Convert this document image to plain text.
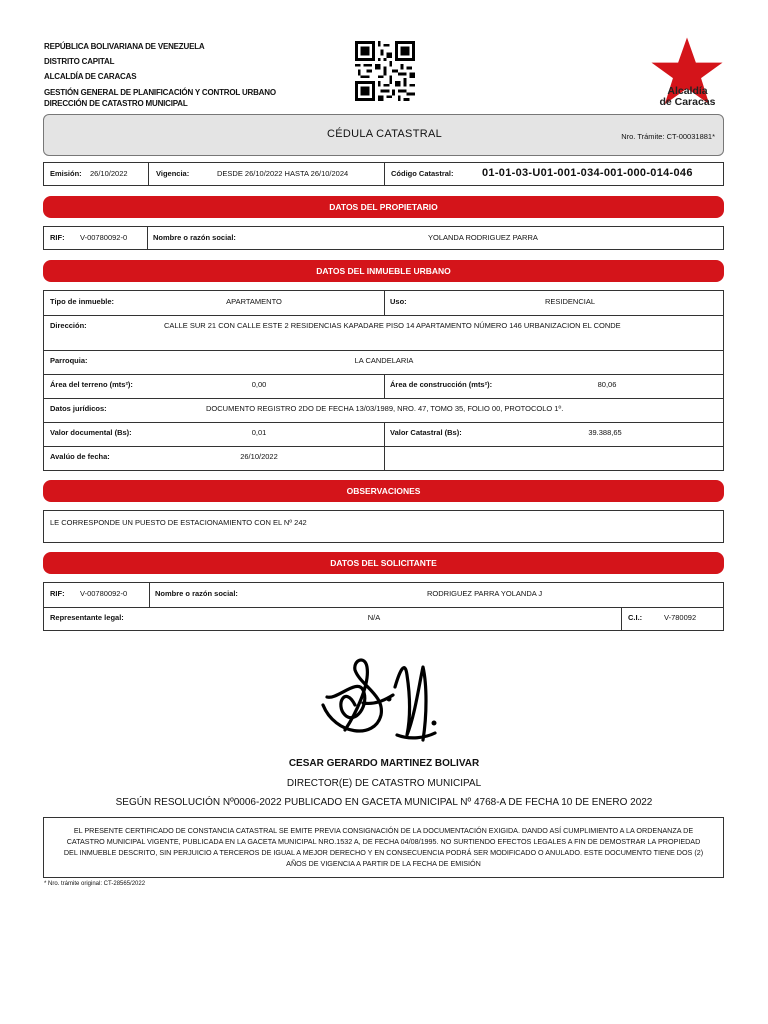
REPÚBLICA BOLIVARIANA DE VENEZUELA
DISTRITO CAPITAL
ALCALDÍA DE CARACAS
GESTIÓN GENERAL DE PLANIFICACIÓN Y CONTROL URBANO
DIRECCIÓN DE CATASTRO MUNICIPAL
Alcaldía
de Caracas
CÉDULA CATASTRAL	Nro. Trámite: CT-00031881*
Emisión: 26/10/2022	Vigencia:	DESDE 26/10/2022 HASTA 26/10/2024	Código Catastral:	01-01-03-U01-001-034-001-000-014-046
DATOS DEL PROPIETARIO
RIF: V-00780092-0	Nombre o razón social:	YOLANDA RODRIGUEZ PARRA
DATOS DEL INMUEBLE URBANO
Tipo de inmueble:	APARTAMENTO	Uso:	RESIDENCIAL
Dirección:	CALLE SUR 21 CON CALLE ESTE 2 RESIDENCIAS KAPADARE PISO 14 APARTAMENTO NÚMERO 146 URBANIZACION EL CONDE
Parroquia:	LA CANDELARIA
Área del terreno (mts²):	0,00	Área de construcción (mts²):	80,06
Datos jurídicos:	DOCUMENTO REGISTRO 2DO DE FECHA 13/03/1989, NRO. 47, TOMO 35, FOLIO 00, PROTOCOLO 1º.
Valor documental (Bs):	0,01	Valor Catastral (Bs):	39.388,65
Avalúo de fecha:	26/10/2022
OBSERVACIONES
LE CORRESPONDE UN PUESTO DE ESTACIONAMIENTO CON EL Nº 242
DATOS DEL SOLICITANTE
RIF: V-00780092-0	Nombre o razón social:	RODRIGUEZ PARRA YOLANDA J
Representante legal:	N/A	C.I.:	V-780092
CESAR GERARDO MARTINEZ BOLIVAR
DIRECTOR(E) DE CATASTRO MUNICIPAL
SEGÚN RESOLUCIÓN Nº0006-2022 PUBLICADO EN GACETA MUNICIPAL Nº 4768-A DE FECHA 10 DE ENERO 2022
EL PRESENTE CERTIFICADO DE CONSTANCIA CATASTRAL SE EMITE PREVIA CONSIGNACIÓN DE LA DOCUMENTACIÓN EXIGIDA. DANDO ASÍ CUMPLIMIENTO A LA ORDENANZA DE CATASTRO MUNICIPAL VIGENTE, PUBLICADA EN LA GACETA MUNICIPAL NRO.1532 A, DE FECHA 04/08/1995. NO SURTIENDO EFECTOS LEGALES A FIN DE DEMOSTRAR LA PROPIEDAD DEL INMUEBLE DESCRITO, SIN PERJUICIO A TERCEROS DE IGUAL A MEJOR DERECHO Y EN CONSECUENCIA PODRÁ SER MODIFICADO O ANULADO. ESTE DOCUMENTO TIENE DOS (2) AÑOS DE VIGENCIA A PARTIR DE LA FECHA DE EMISIÓN
* Nro. trámite original: CT-28565/2022
